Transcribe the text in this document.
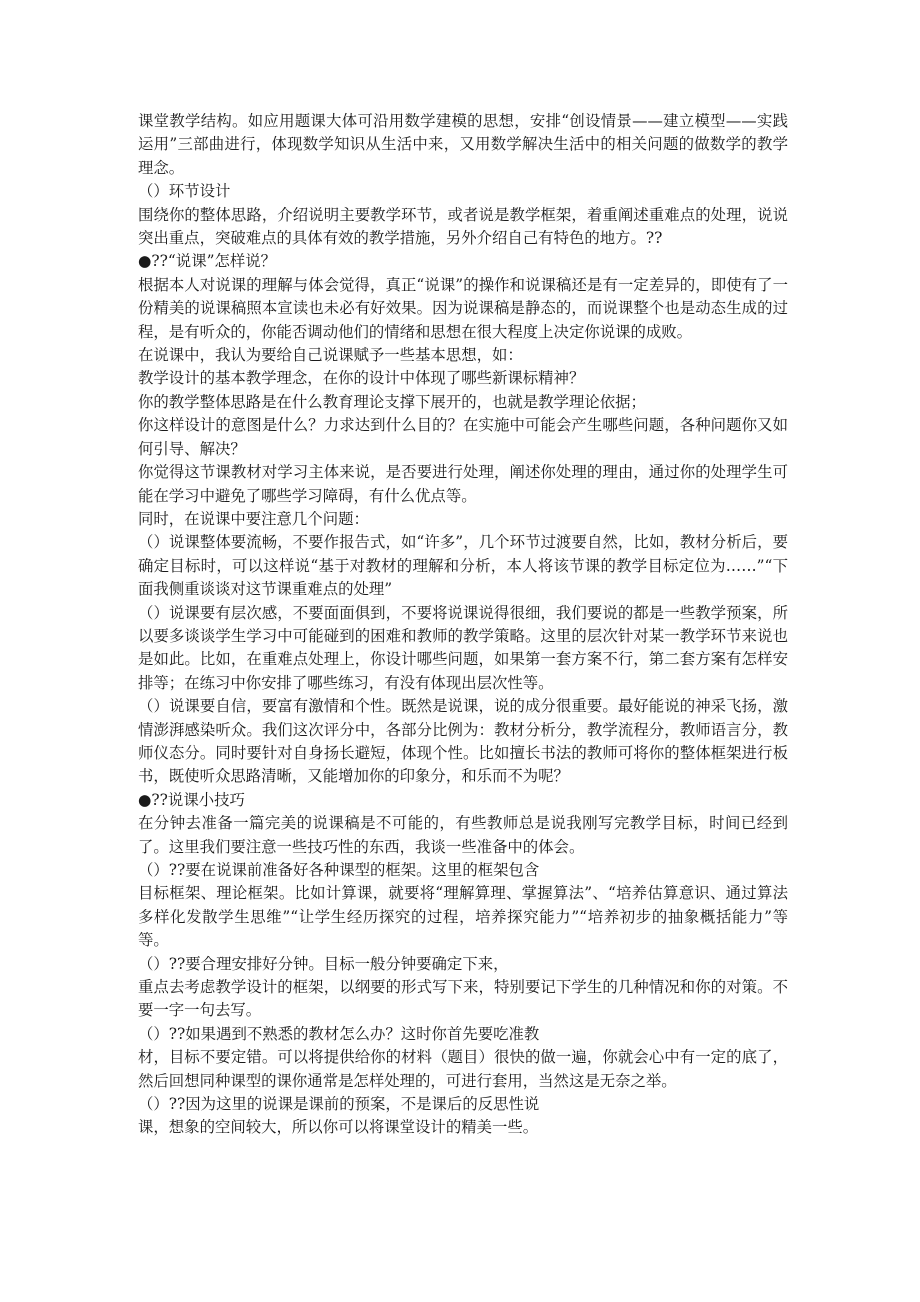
课堂教学结构。如应用题课大体可沿用数学建模的思想，安排“创设情景——建立模型——实践运用”三部曲进行，体现数学知识从生活中来，又用数学解决生活中的相关问题的做数学的教学理念。

（）环节设计

围绕你的整体思路，介绍说明主要教学环节，或者说是教学框架，着重阐述重难点的处理，说说突出重点，突破难点的具体有效的教学措施，另外介绍自己有特色的地方。??

●??“说课”怎样说？

根据本人对说课的理解与体会觉得，真正“说课”的操作和说课稿还是有一定差异的，即使有了一份精美的说课稿照本宣读也未必有好效果。因为说课稿是静态的，而说课整个也是动态生成的过程，是有听众的，你能否调动他们的情绪和思想在很大程度上决定你说课的成败。

在说课中，我认为要给自己说课赋予一些基本思想，如：

教学设计的基本教学理念，在你的设计中体现了哪些新课标精神？

你的教学整体思路是在什么教育理论支撑下展开的，也就是教学理论依据；

你这样设计的意图是什么？力求达到什么目的？在实施中可能会产生哪些问题，各种问题你又如何引导、解决？

你觉得这节课教材对学习主体来说，是否要进行处理，阐述你处理的理由，通过你的处理学生可能在学习中避免了哪些学习障碍，有什么优点等。

同时，在说课中要注意几个问题：

（）说课整体要流畅，不要作报告式，如“许多”，几个环节过渡要自然，比如，教材分析后，要确定目标时，可以这样说“基于对教材的理解和分析，本人将该节课的教学目标定位为……”“下面我侧重谈谈对这节课重难点的处理”

（）说课要有层次感，不要面面俱到，不要将说课说得很细，我们要说的都是一些教学预案，所以要多谈谈学生学习中可能碰到的困难和教师的教学策略。这里的层次针对某一教学环节来说也是如此。比如，在重难点处理上，你设计哪些问题，如果第一套方案不行，第二套方案有怎样安排等；在练习中你安排了哪些练习，有没有体现出层次性等。

（）说课要自信，要富有激情和个性。既然是说课，说的成分很重要。最好能说的神采飞扬，激情澎湃感染听众。我们这次评分中，各部分比例为：教材分析分，教学流程分，教师语言分，教师仪态分。同时要针对自身扬长避短，体现个性。比如擅长书法的教师可将你的整体框架进行板书，既使听众思路清晰，又能增加你的印象分，和乐而不为呢？

●??说课小技巧

在分钟去准备一篇完美的说课稿是不可能的，有些教师总是说我刚写完教学目标，时间已经到了。这里我们要注意一些技巧性的东西，我谈一些准备中的体会。

（）??要在说课前准备好各种课型的框架。这里的框架包含

目标框架、理论框架。比如计算课，就要将“理解算理、掌握算法”、“培养估算意识、通过算法多样化发散学生思维”“让学生经历探究的过程，培养探究能力”“培养初步的抽象概括能力”等等。

（）??要合理安排好分钟。目标一般分钟要确定下来，

重点去考虑教学设计的框架，以纲要的形式写下来，特别要记下学生的几种情况和你的对策。不要一字一句去写。

（）??如果遇到不熟悉的教材怎么办？这时你首先要吃准教

材，目标不要定错。可以将提供给你的材料（题目）很快的做一遍，你就会心中有一定的底了，然后回想同种课型的课你通常是怎样处理的，可进行套用，当然这是无奈之举。

（）??因为这里的说课是课前的预案，不是课后的反思性说

课，想象的空间较大，所以你可以将课堂设计的精美一些。
